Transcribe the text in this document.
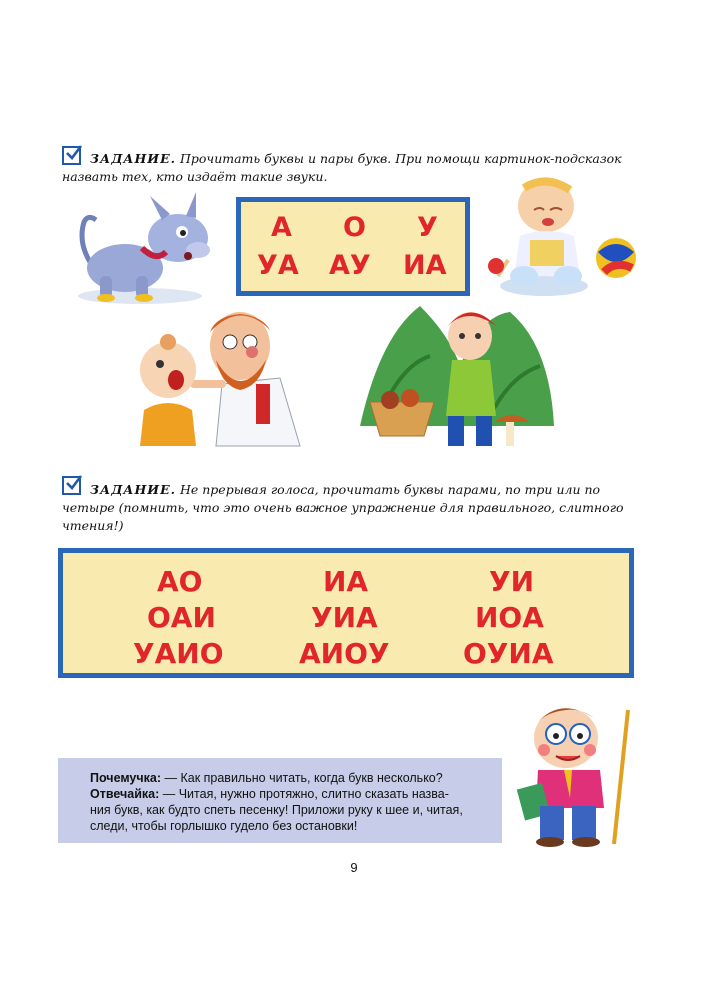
ЗАДАНИЕ. Прочитать буквы и пары букв. При помощи картинок-подсказок
назвать тех, кто издаёт такие звуки.
А О У
УА АУ ИА
ЗАДАНИЕ. Не прерывая голоса, прочитать буквы парами, по три или по
четыре (помнить, что это очень важное упражнение для правильного, слитного
чтения!)
АО
ОАИ
УАИО
ИА
УИА
АИОУ
УИ
ИОА
ОУИА
Почемучка: — Как правильно читать, когда букв несколько?
Отвечайка: — Читая, нужно протяжно, слитно сказать назва-
ния букв, как будто спеть песенку! Приложи руку к шее и, читая,
следи, чтобы горлышко гудело без остановки!
9
